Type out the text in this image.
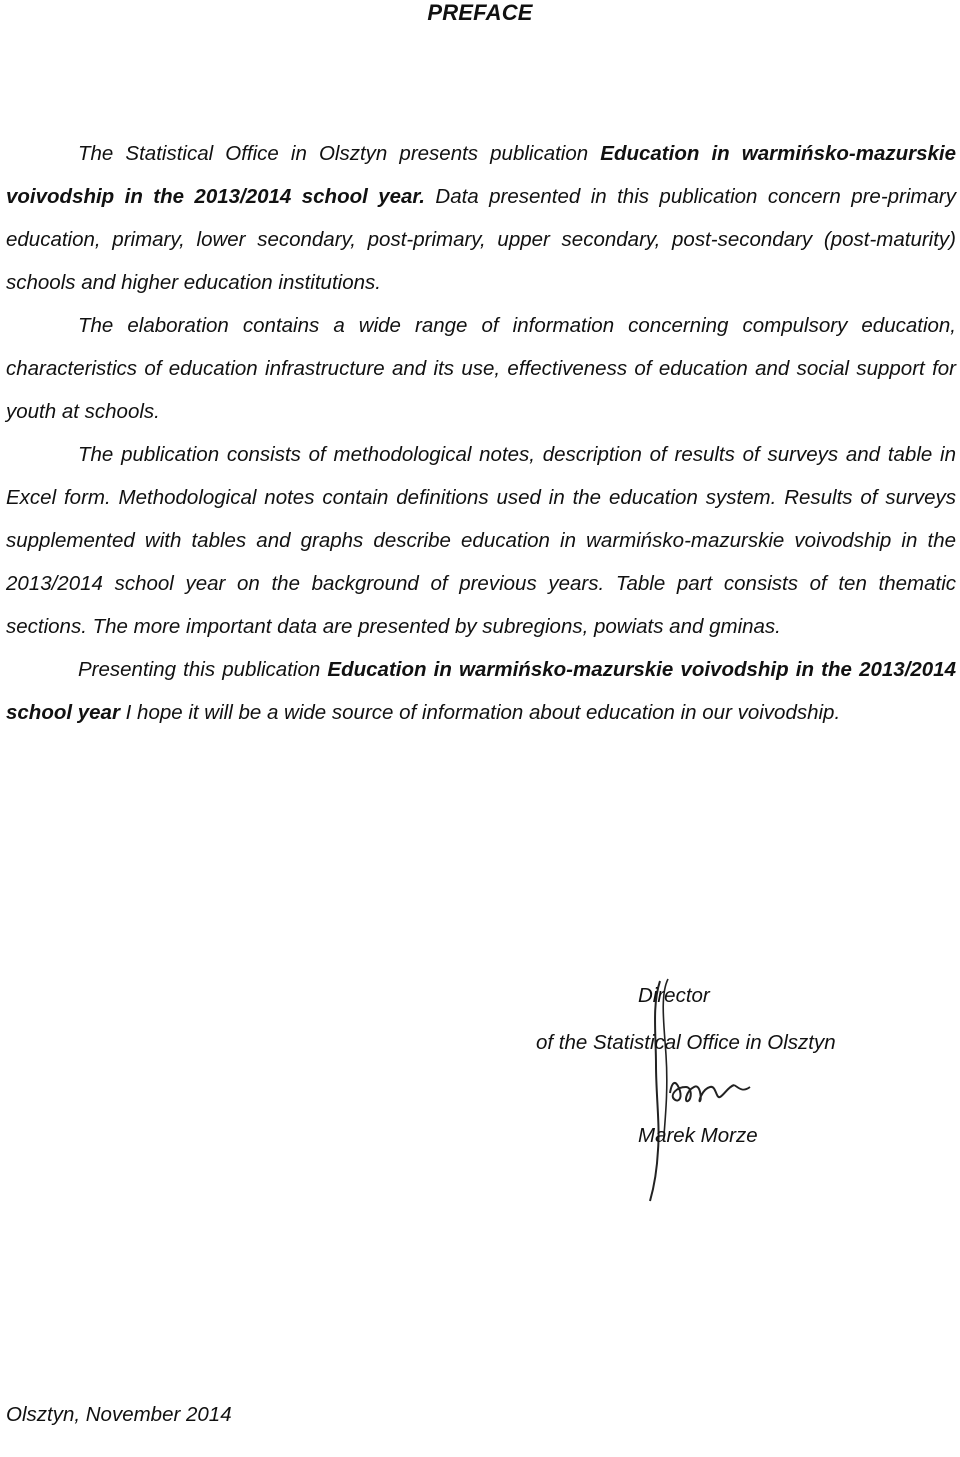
PREFACE

The Statistical Office in Olsztyn presents publication Education in warmińsko-mazurskie voivodship in the 2013/2014 school year. Data presented in this publication concern pre-primary education, primary, lower secondary, post-primary, upper secondary, post-secondary (post-maturity) schools and higher education institutions.

The elaboration contains a wide range of information concerning compulsory education, characteristics of education infrastructure and its use, effectiveness of education and social support for youth at schools.

The publication consists of methodological notes, description of results of surveys and table in Excel form. Methodological notes contain definitions used in the education system. Results of surveys supplemented with tables and graphs describe education in warmińsko-mazurskie voivodship in the 2013/2014 school year on the background of previous years. Table part consists of ten thematic sections. The more important data are presented by subregions, powiats and gminas.

Presenting this publication Education in warmińsko-mazurskie voivodship in the 2013/2014 school year I hope it will be a wide source of information about education in our voivodship.

Director
of the Statistical Office in Olsztyn
Marek Morze
Olsztyn, November 2014
